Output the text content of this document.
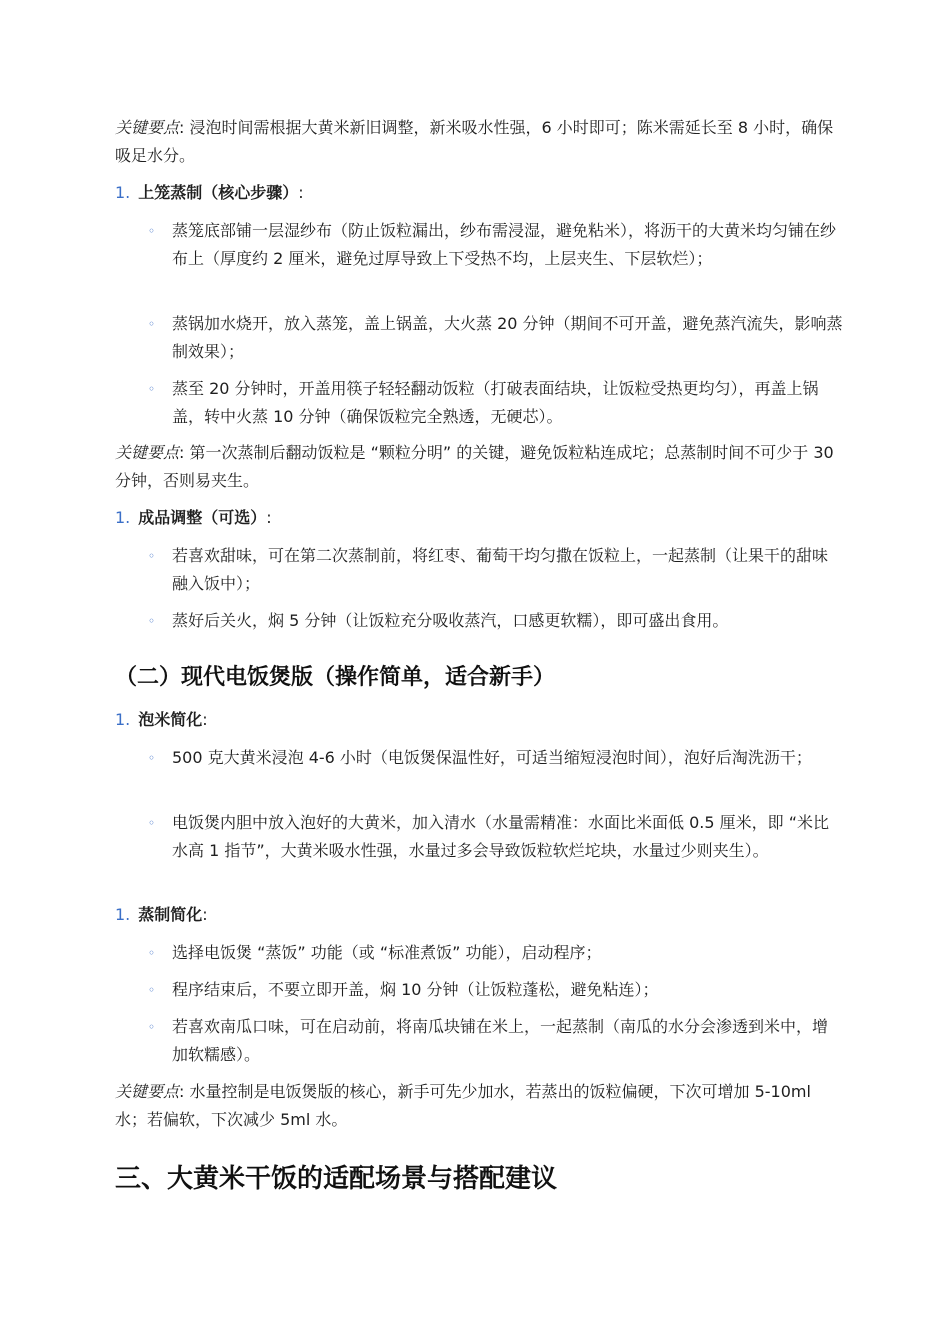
关键要点: 浸泡时间需根据大黄米新旧调整，新米吸水性强，6 小时即可；陈米需延长至 8 小时，确保吸足水分。

1. 上笼蒸制（核心步骤）:
◦ 蒸笼底部铺一层湿纱布（防止饭粒漏出，纱布需浸湿，避免粘米），将沥干的大黄米均匀铺在纱布上（厚度约 2 厘米，避免过厚导致上下受热不均，上层夹生、下层软烂）；
◦ 蒸锅加水烧开，放入蒸笼，盖上锅盖，大火蒸 20 分钟（期间不可开盖，避免蒸汽流失，影响蒸制效果）；
◦ 蒸至 20 分钟时，开盖用筷子轻轻翻动饭粒（打破表面结块，让饭粒受热更均匀），再盖上锅盖，转中火蒸 10 分钟（确保饭粒完全熟透，无硬芯）。

关键要点: 第一次蒸制后翻动饭粒是 “颗粒分明” 的关键，避免饭粒粘连成坨；总蒸制时间不可少于 30 分钟，否则易夹生。

1. 成品调整（可选）:
◦ 若喜欢甜味，可在第二次蒸制前，将红枣、葡萄干均匀撒在饭粒上，一起蒸制（让果干的甜味融入饭中）；
◦ 蒸好后关火，焖 5 分钟（让饭粒充分吸收蒸汽，口感更软糯），即可盛出食用。
（二）现代电饭煲版（操作简单，适合新手）
1. 泡米简化:
◦ 500 克大黄米浸泡 4-6 小时（电饭煲保温性好，可适当缩短浸泡时间），泡好后淘洗沥干；
◦ 电饭煲内胆中放入泡好的大黄米，加入清水（水量需精准：水面比米面低 0.5 厘米，即 “米比水高 1 指节”，大黄米吸水性强，水量过多会导致饭粒软烂坨块，水量过少则夹生）。
1. 蒸制简化:
◦ 选择电饭煲 “蒸饭” 功能（或 “标准煮饭” 功能），启动程序；
◦ 程序结束后，不要立即开盖，焖 10 分钟（让饭粒蓬松，避免粘连）；
◦ 若喜欢南瓜口味，可在启动前，将南瓜块铺在米上，一起蒸制（南瓜的水分会渗透到米中，增加软糯感）。

关键要点: 水量控制是电饭煲版的核心，新手可先少加水，若蒸出的饭粒偏硬，下次可增加 5-10ml 水；若偏软，下次减少 5ml 水。

三、大黄米干饭的适配场景与搭配建议
